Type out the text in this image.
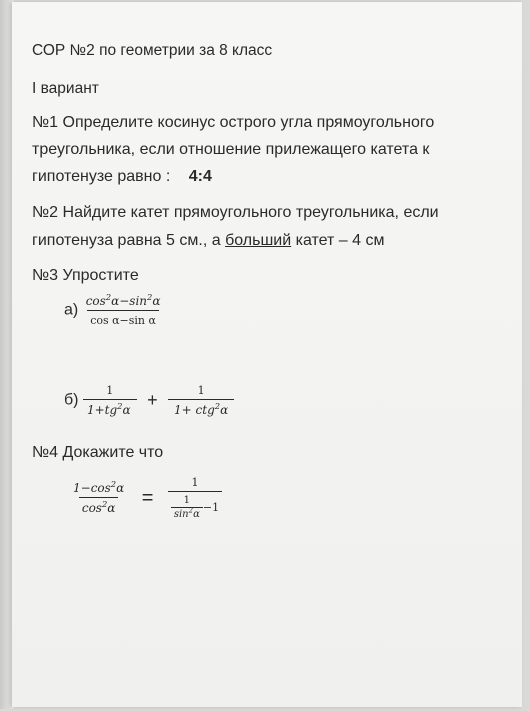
СОР №2 по геометрии за 8 класс
I вариант
№1 Определите косинус острого угла прямоугольного
треугольника, если отношение прилежащего катета к
гипотенузе равно : 4:4
№2 Найдите катет прямоугольного треугольника, если
гипотенуза равна 5 см., а больший катет – 4 см
№3 Упростите
$а) \frac{\cos^2\alpha-\sin^2\alpha}{\text{cos α−sin α}}$
$б) \frac{1}{1+tg^2\alpha} + \frac{1}{1+ ctg^2\alpha}$
№4 Докажите что
$\frac{1-\cos^2\alpha}{\cos^2\alpha} = \frac{1}{\frac{1}{\sin^2\alpha} -1}$
